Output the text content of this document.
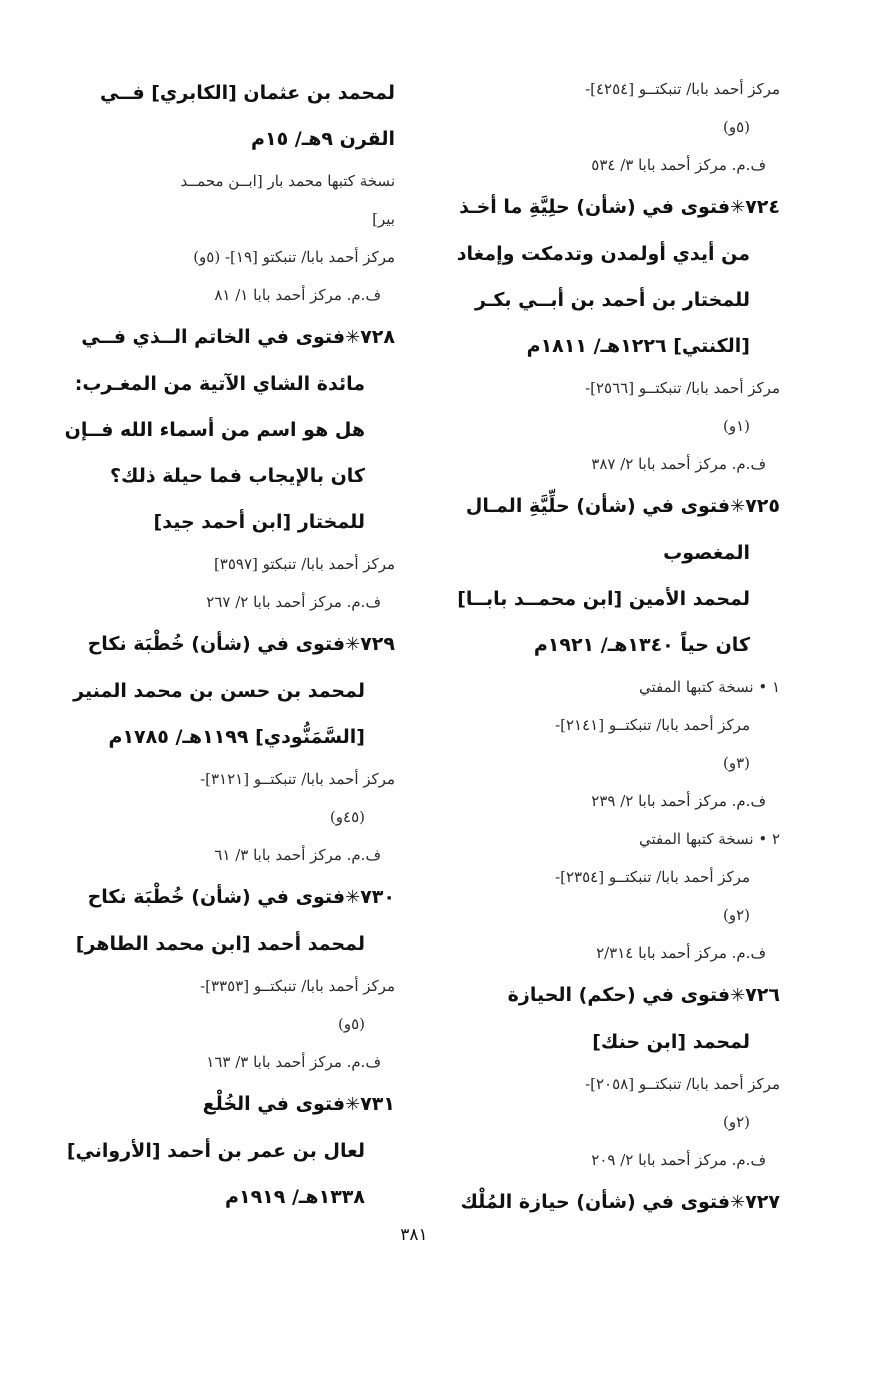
مركز أحمد بابا/ تنبكتــو [٤٢٥٤]-

(٥و)

ف.م. مركز أحمد بابا ٣/ ٥٣٤

٧٢٤✳فتوى في (شأن) حلِيَّةِ ما أخـذ

من أيدي أولمدن وتدمكت وإمغاد

للمختار بن أحمد بن أبــي بكـر

[الكنتي] ١٢٢٦هـ/ ١٨١١م

مركز أحمد بابا/ تنبكتــو [٢٥٦٦]-

(١و)

ف.م. مركز أحمد بابا ٢/ ٣٨٧

٧٢٥✳فتوى في (شأن) حلِّيَّةِ المـال

المغصوب

لمحمد الأمين [ابن محمــد بابــا]

كان حياً ١٣٤٠هـ/ ١٩٢١م

١ • نسخة كتبها المفتي

مركز أحمد بابا/ تنبكتــو [٢١٤١]-

(٣و)

ف.م. مركز أحمد بابا ٢/ ٢٣٩

٢ • نسخة كتبها المفتي

مركز أحمد بابا/ تنبكتــو [٢٣٥٤]-

(٢و)

ف.م. مركز أحمد بابا ٢/٣١٤

٧٢٦✳فتوى في (حكم) الحيازة

لمحمد [ابن حنك]

مركز أحمد بابا/ تنبكتــو [٢٠٥٨]-

(٢و)

ف.م. مركز أحمد بابا ٢/ ٢٠٩

٧٢٧✳فتوى في (شأن) حيازة المُلْك

لمحمد بن عثمان [الكابري] فــي

القرن ٩هـ/ ١٥م

نسخة كتبها محمد بار [ابــن محمــد

بير]

مركز أحمد بابا/ تنبكتو [١٩]- (٥و)

ف.م. مركز أحمد بابا ١/ ٨١

٧٢٨✳فتوى في الخاتم الــذي فــي

مائدة الشاي الآتية من المغـرب:

هل هو اسم من أسماء الله فــإن

كان بالإيجاب فما حيلة ذلك؟

للمختار [ابن أحمد جيد]

مركز أحمد بابا/ تنبكتو [٣٥٩٧]

ف.م. مركز أحمد بابا ٢/ ٢٦٧

٧٢٩✳فتوى في (شأن) خُطْبَة نكاح

لمحمد بن حسن بن محمد المنير

[السَّمَنُّودي] ١١٩٩هـ/ ١٧٨٥م

مركز أحمد بابا/ تنبكتــو [٣١٢١]-

(٤٥و)

ف.م. مركز أحمد بابا ٣/ ٦١

٧٣٠✳فتوى في (شأن) خُطْبَة نكاح

لمحمد أحمد [ابن محمد الطاهر]

مركز أحمد بابا/ تنبكتــو [٣٣٥٣]-

(٥و)

ف.م. مركز أحمد بابا ٣/ ١٦٣

٧٣١✳فتوى في الخُلْع

لعال بن عمر بن أحمد [الأرواني]

١٣٣٨هـ/ ١٩١٩م

٣٨١
